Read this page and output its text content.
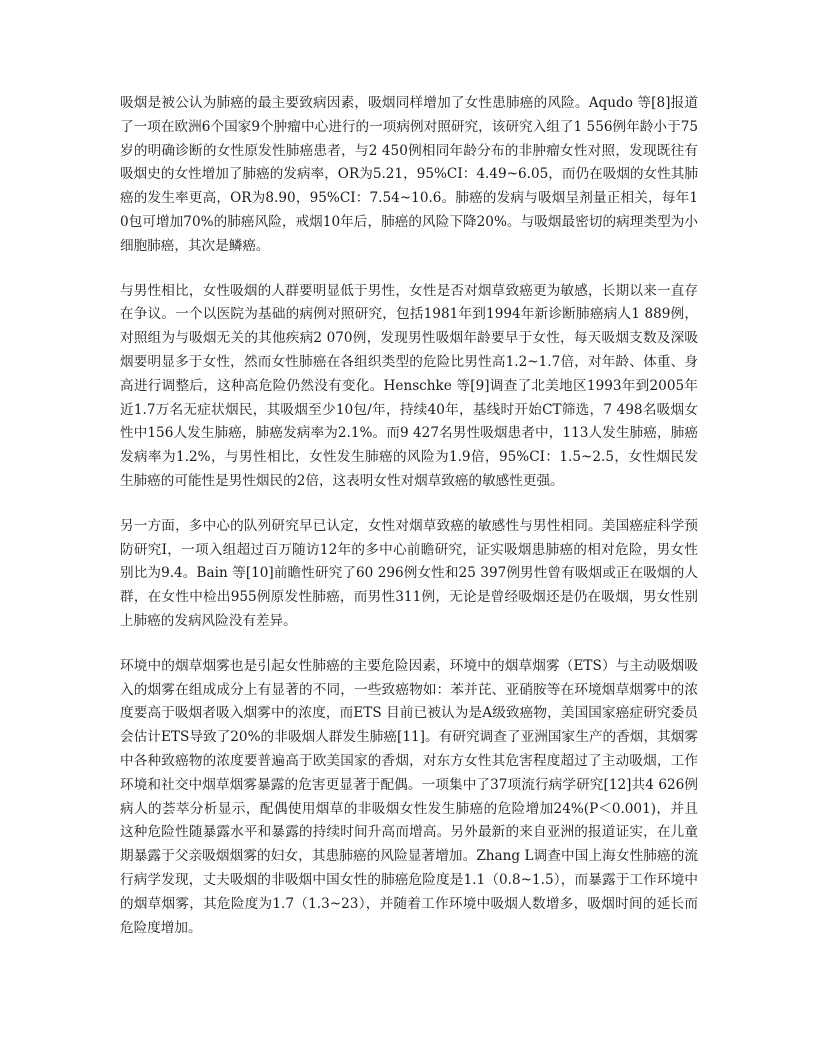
吸烟是被公认为肺癌的最主要致病因素，吸烟同样增加了女性患肺癌的风险。Aqudo 等[8]报道了一项在欧洲6个国家9个肿瘤中心进行的一项病例对照研究，该研究入组了1 556例年龄小于75岁的明确诊断的女性原发性肺癌患者，与2 450例相同年龄分布的非肿瘤女性对照，发现既往有吸烟史的女性增加了肺癌的发病率，OR为5.21，95%CI：4.49~6.05，而仍在吸烟的女性其肺癌的发生率更高，OR为8.90，95%CI：7.54~10.6。肺癌的发病与吸烟呈剂量正相关，每年10包可增加70%的肺癌风险，戒烟10年后，肺癌的风险下降20%。与吸烟最密切的病理类型为小细胞肺癌，其次是鳞癌。

与男性相比，女性吸烟的人群要明显低于男性，女性是否对烟草致癌更为敏感，长期以来一直存在争议。一个以医院为基础的病例对照研究，包括1981年到1994年新诊断肺癌病人1 889例，对照组为与吸烟无关的其他疾病2 070例，发现男性吸烟年龄要早于女性，每天吸烟支数及深吸烟要明显多于女性，然而女性肺癌在各组织类型的危险比男性高1.2~1.7倍，对年龄、体重、身高进行调整后，这种高危险仍然没有变化。Henschke 等[9]调查了北美地区1993年到2005年近1.7万名无症状烟民，其吸烟至少10包/年，持续40年，基线时开始CT筛选，7 498名吸烟女性中156人发生肺癌，肺癌发病率为2.1%。而9 427名男性吸烟患者中，113人发生肺癌，肺癌发病率为1.2%，与男性相比，女性发生肺癌的风险为1.9倍，95%CI：1.5~2.5，女性烟民发生肺癌的可能性是男性烟民的2倍，这表明女性对烟草致癌的敏感性更强。

另一方面，多中心的队列研究早已认定，女性对烟草致癌的敏感性与男性相同。美国癌症科学预防研究Ⅰ，一项入组超过百万随访12年的多中心前瞻研究，证实吸烟患肺癌的相对危险，男女性别比为9.4。Bain 等[10]前瞻性研究了60 296例女性和25 397例男性曾有吸烟或正在吸烟的人群，在女性中检出955例原发性肺癌，而男性311例，无论是曾经吸烟还是仍在吸烟，男女性别上肺癌的发病风险没有差异。

环境中的烟草烟雾也是引起女性肺癌的主要危险因素，环境中的烟草烟雾（ETS）与主动吸烟吸入的烟雾在组成成分上有显著的不同，一些致癌物如：苯并芘、亚硝胺等在环境烟草烟雾中的浓度要高于吸烟者吸入烟雾中的浓度，而ETS 目前已被认为是A级致癌物，美国国家癌症研究委员会估计ETS导致了20%的非吸烟人群发生肺癌[11]。有研究调查了亚洲国家生产的香烟，其烟雾中各种致癌物的浓度要普遍高于欧美国家的香烟，对东方女性其危害程度超过了主动吸烟，工作环境和社交中烟草烟雾暴露的危害更显著于配偶。一项集中了37项流行病学研究[12]共4 626例病人的荟萃分析显示，配偶使用烟草的非吸烟女性发生肺癌的危险增加24%(P＜0.001)，并且这种危险性随暴露水平和暴露的持续时间升高而增高。另外最新的来自亚洲的报道证实，在儿童期暴露于父亲吸烟烟雾的妇女，其患肺癌的风险显著增加。Zhang L调查中国上海女性肺癌的流行病学发现，丈夫吸烟的非吸烟中国女性的肺癌危险度是1.1（0.8~1.5），而暴露于工作环境中的烟草烟雾，其危险度为1.7（1.3~23），并随着工作环境中吸烟人数增多，吸烟时间的延长而危险度增加。
